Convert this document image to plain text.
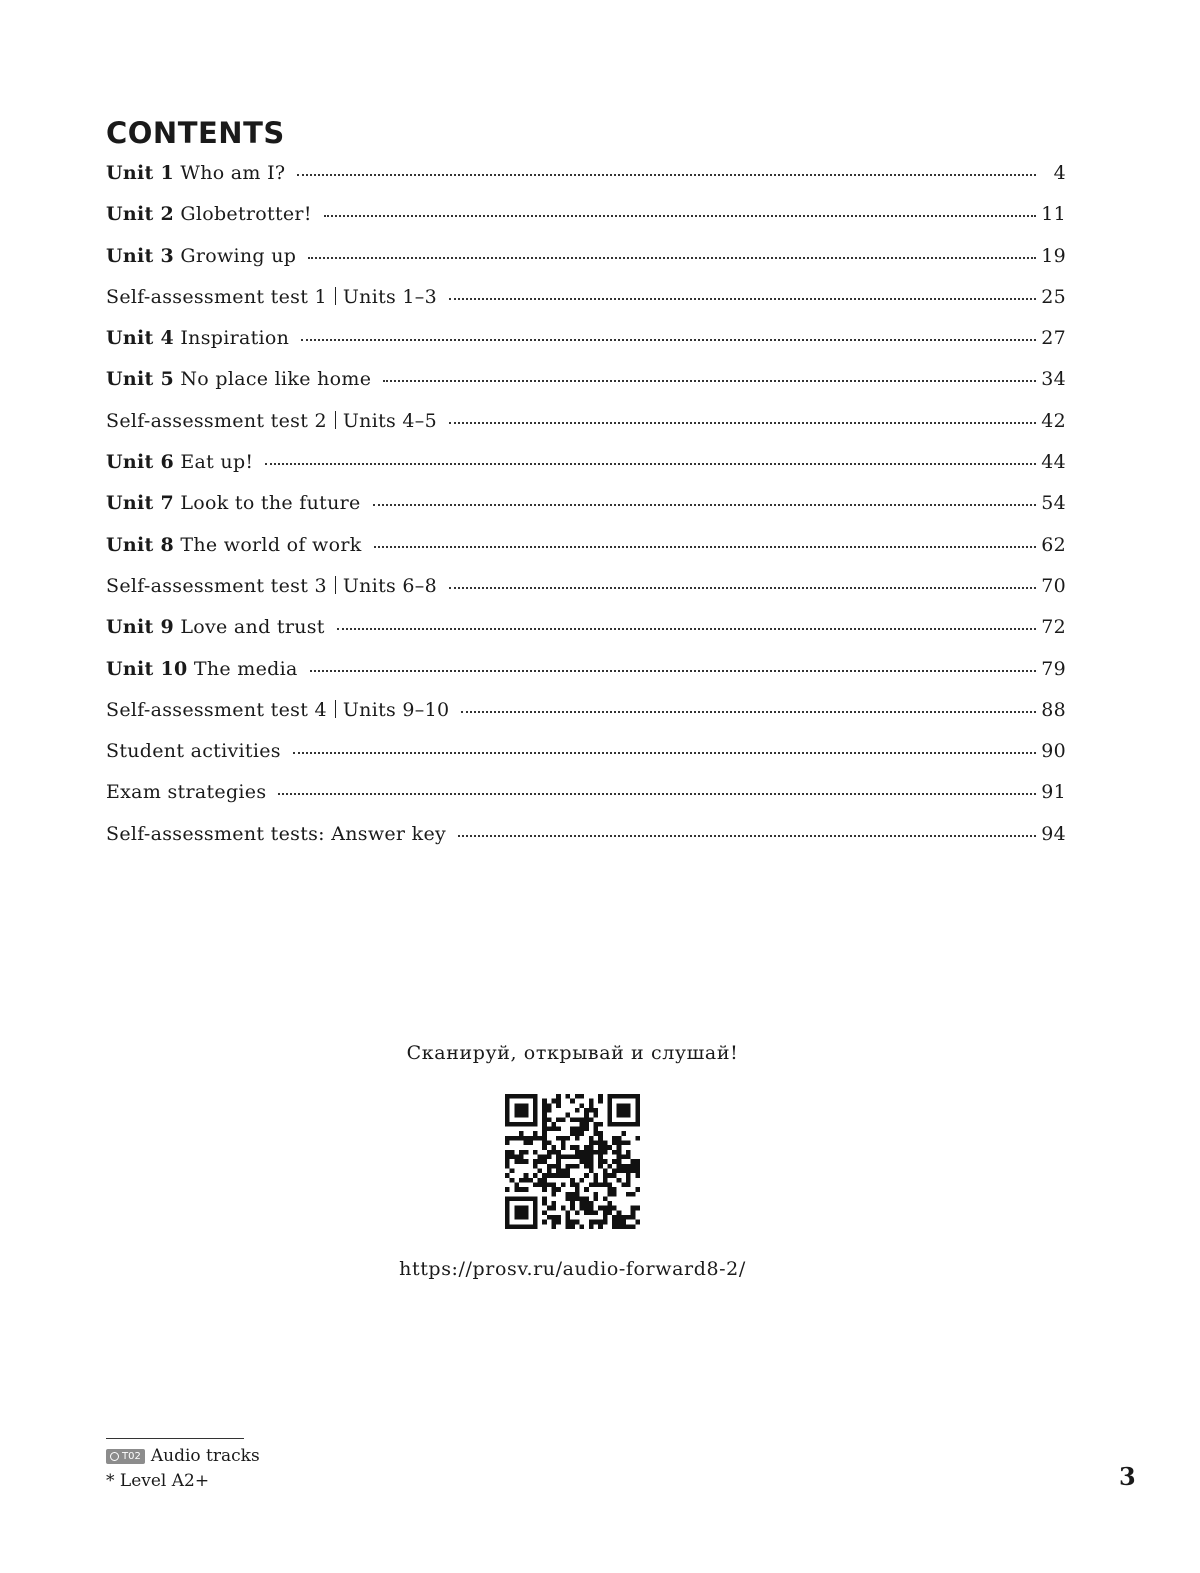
CONTENTS
Unit 1 Who am I?	4
Unit 2 Globetrotter!	11
Unit 3 Growing up	19
Self-assessment test 1 Units 1–3	25
Unit 4 Inspiration	27
Unit 5 No place like home	34
Self-assessment test 2 Units 4–5	42
Unit 6 Eat up!	44
Unit 7 Look to the future	54
Unit 8 The world of work	62
Self-assessment test 3 Units 6–8	70
Unit 9 Love and trust	72
Unit 10 The media	79
Self-assessment test 4 Units 9–10	88
Student activities	90
Exam strategies	91
Self-assessment tests: Answer key	94

Сканируй, открывай и слушай!

https://prosv.ru/audio-forward8-2/

T02 Audio tracks
* Level A2+	3
